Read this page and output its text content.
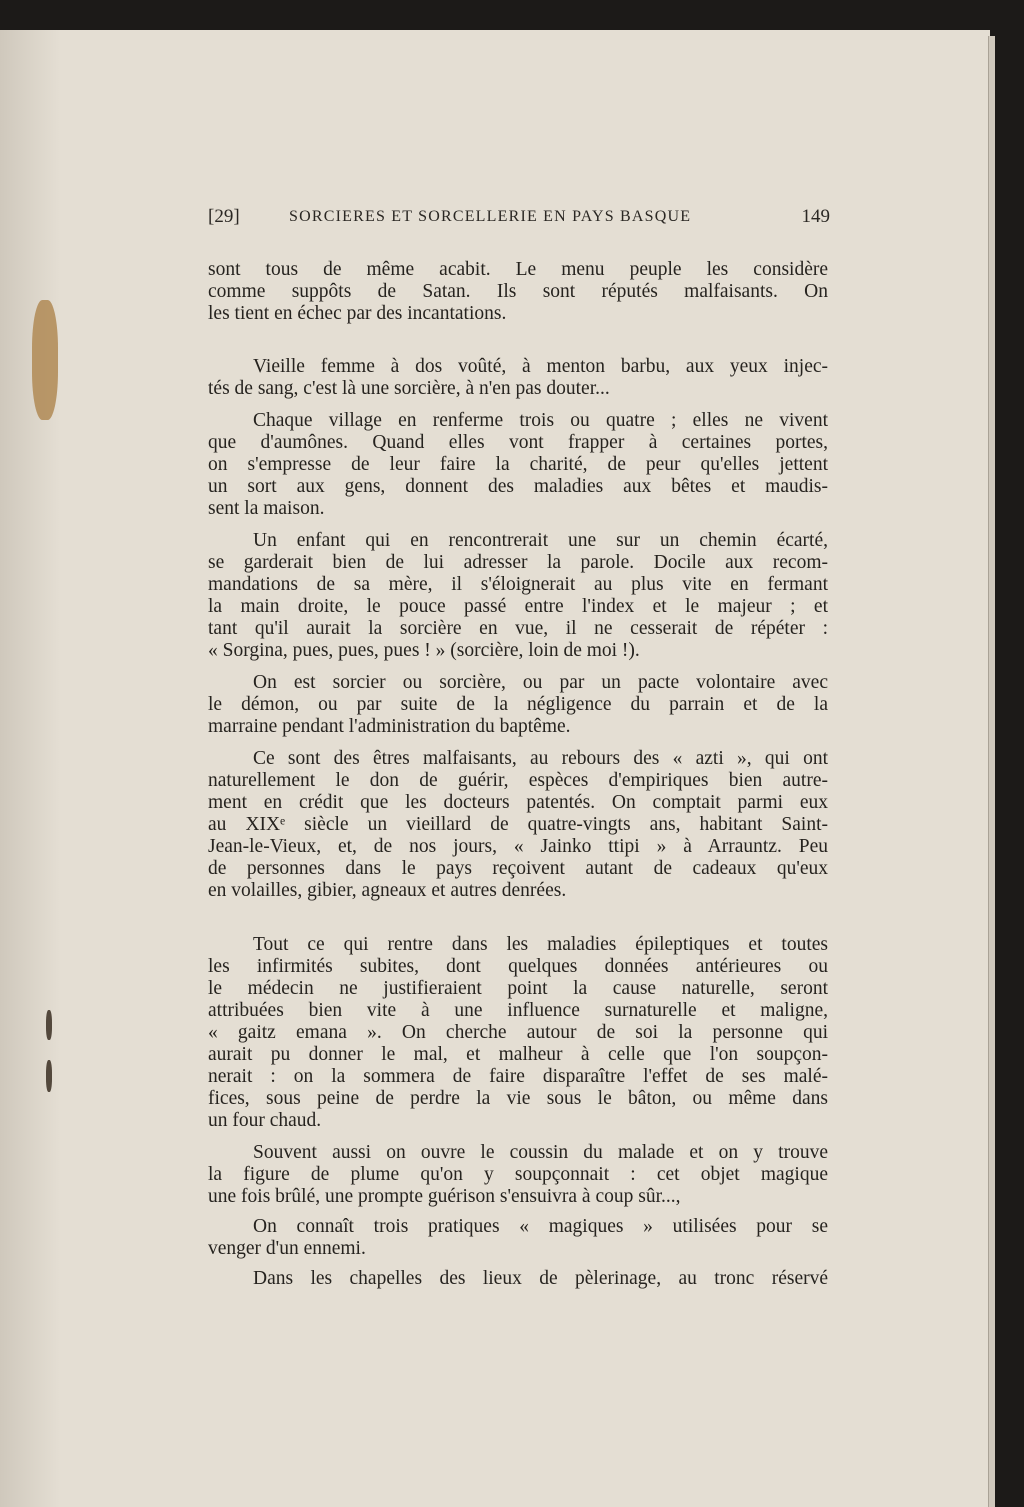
[29]	SORCIERES ET SORCELLERIE EN PAYS BASQUE	149
sont tous de même acabit. Le menu peuple les considère
comme suppôts de Satan. Ils sont réputés malfaisants. On
les tient en échec par des incantations.
Vieille femme à dos voûté, à menton barbu, aux yeux injec-
tés de sang, c'est là une sorcière, à n'en pas douter...
Chaque village en renferme trois ou quatre ; elles ne vivent
que d'aumônes. Quand elles vont frapper à certaines portes,
on s'empresse de leur faire la charité, de peur qu'elles jettent
un sort aux gens, donnent des maladies aux bêtes et maudis-
sent la maison.
Un enfant qui en rencontrerait une sur un chemin écarté,
se garderait bien de lui adresser la parole. Docile aux recom-
mandations de sa mère, il s'éloignerait au plus vite en fermant
la main droite, le pouce passé entre l'index et le majeur ; et
tant qu'il aurait la sorcière en vue, il ne cesserait de répéter :
« Sorgina, pues, pues, pues ! » (sorcière, loin de moi !).
On est sorcier ou sorcière, ou par un pacte volontaire avec
le démon, ou par suite de la négligence du parrain et de la
marraine pendant l'administration du baptême.
Ce sont des êtres malfaisants, au rebours des « azti », qui ont
naturellement le don de guérir, espèces d'empiriques bien autre-
ment en crédit que les docteurs patentés. On comptait parmi eux
au XIXᵉ siècle un vieillard de quatre-vingts ans, habitant Saint-
Jean-le-Vieux, et, de nos jours, « Jainko ttipi » à Arrauntz. Peu
de personnes dans le pays reçoivent autant de cadeaux qu'eux
en volailles, gibier, agneaux et autres denrées.
Tout ce qui rentre dans les maladies épileptiques et toutes
les infirmités subites, dont quelques données antérieures ou
le médecin ne justifieraient point la cause naturelle, seront
attribuées bien vite à une influence surnaturelle et maligne,
« gaitz emana ». On cherche autour de soi la personne qui
aurait pu donner le mal, et malheur à celle que l'on soupçon-
nerait : on la sommera de faire disparaître l'effet de ses malé-
fices, sous peine de perdre la vie sous le bâton, ou même dans
un four chaud.
Souvent aussi on ouvre le coussin du malade et on y trouve
la figure de plume qu'on y soupçonnait : cet objet magique
une fois brûlé, une prompte guérison s'ensuivra à coup sûr...,
On connaît trois pratiques « magiques » utilisées pour se
venger d'un ennemi.
Dans les chapelles des lieux de pèlerinage, au tronc réservé
